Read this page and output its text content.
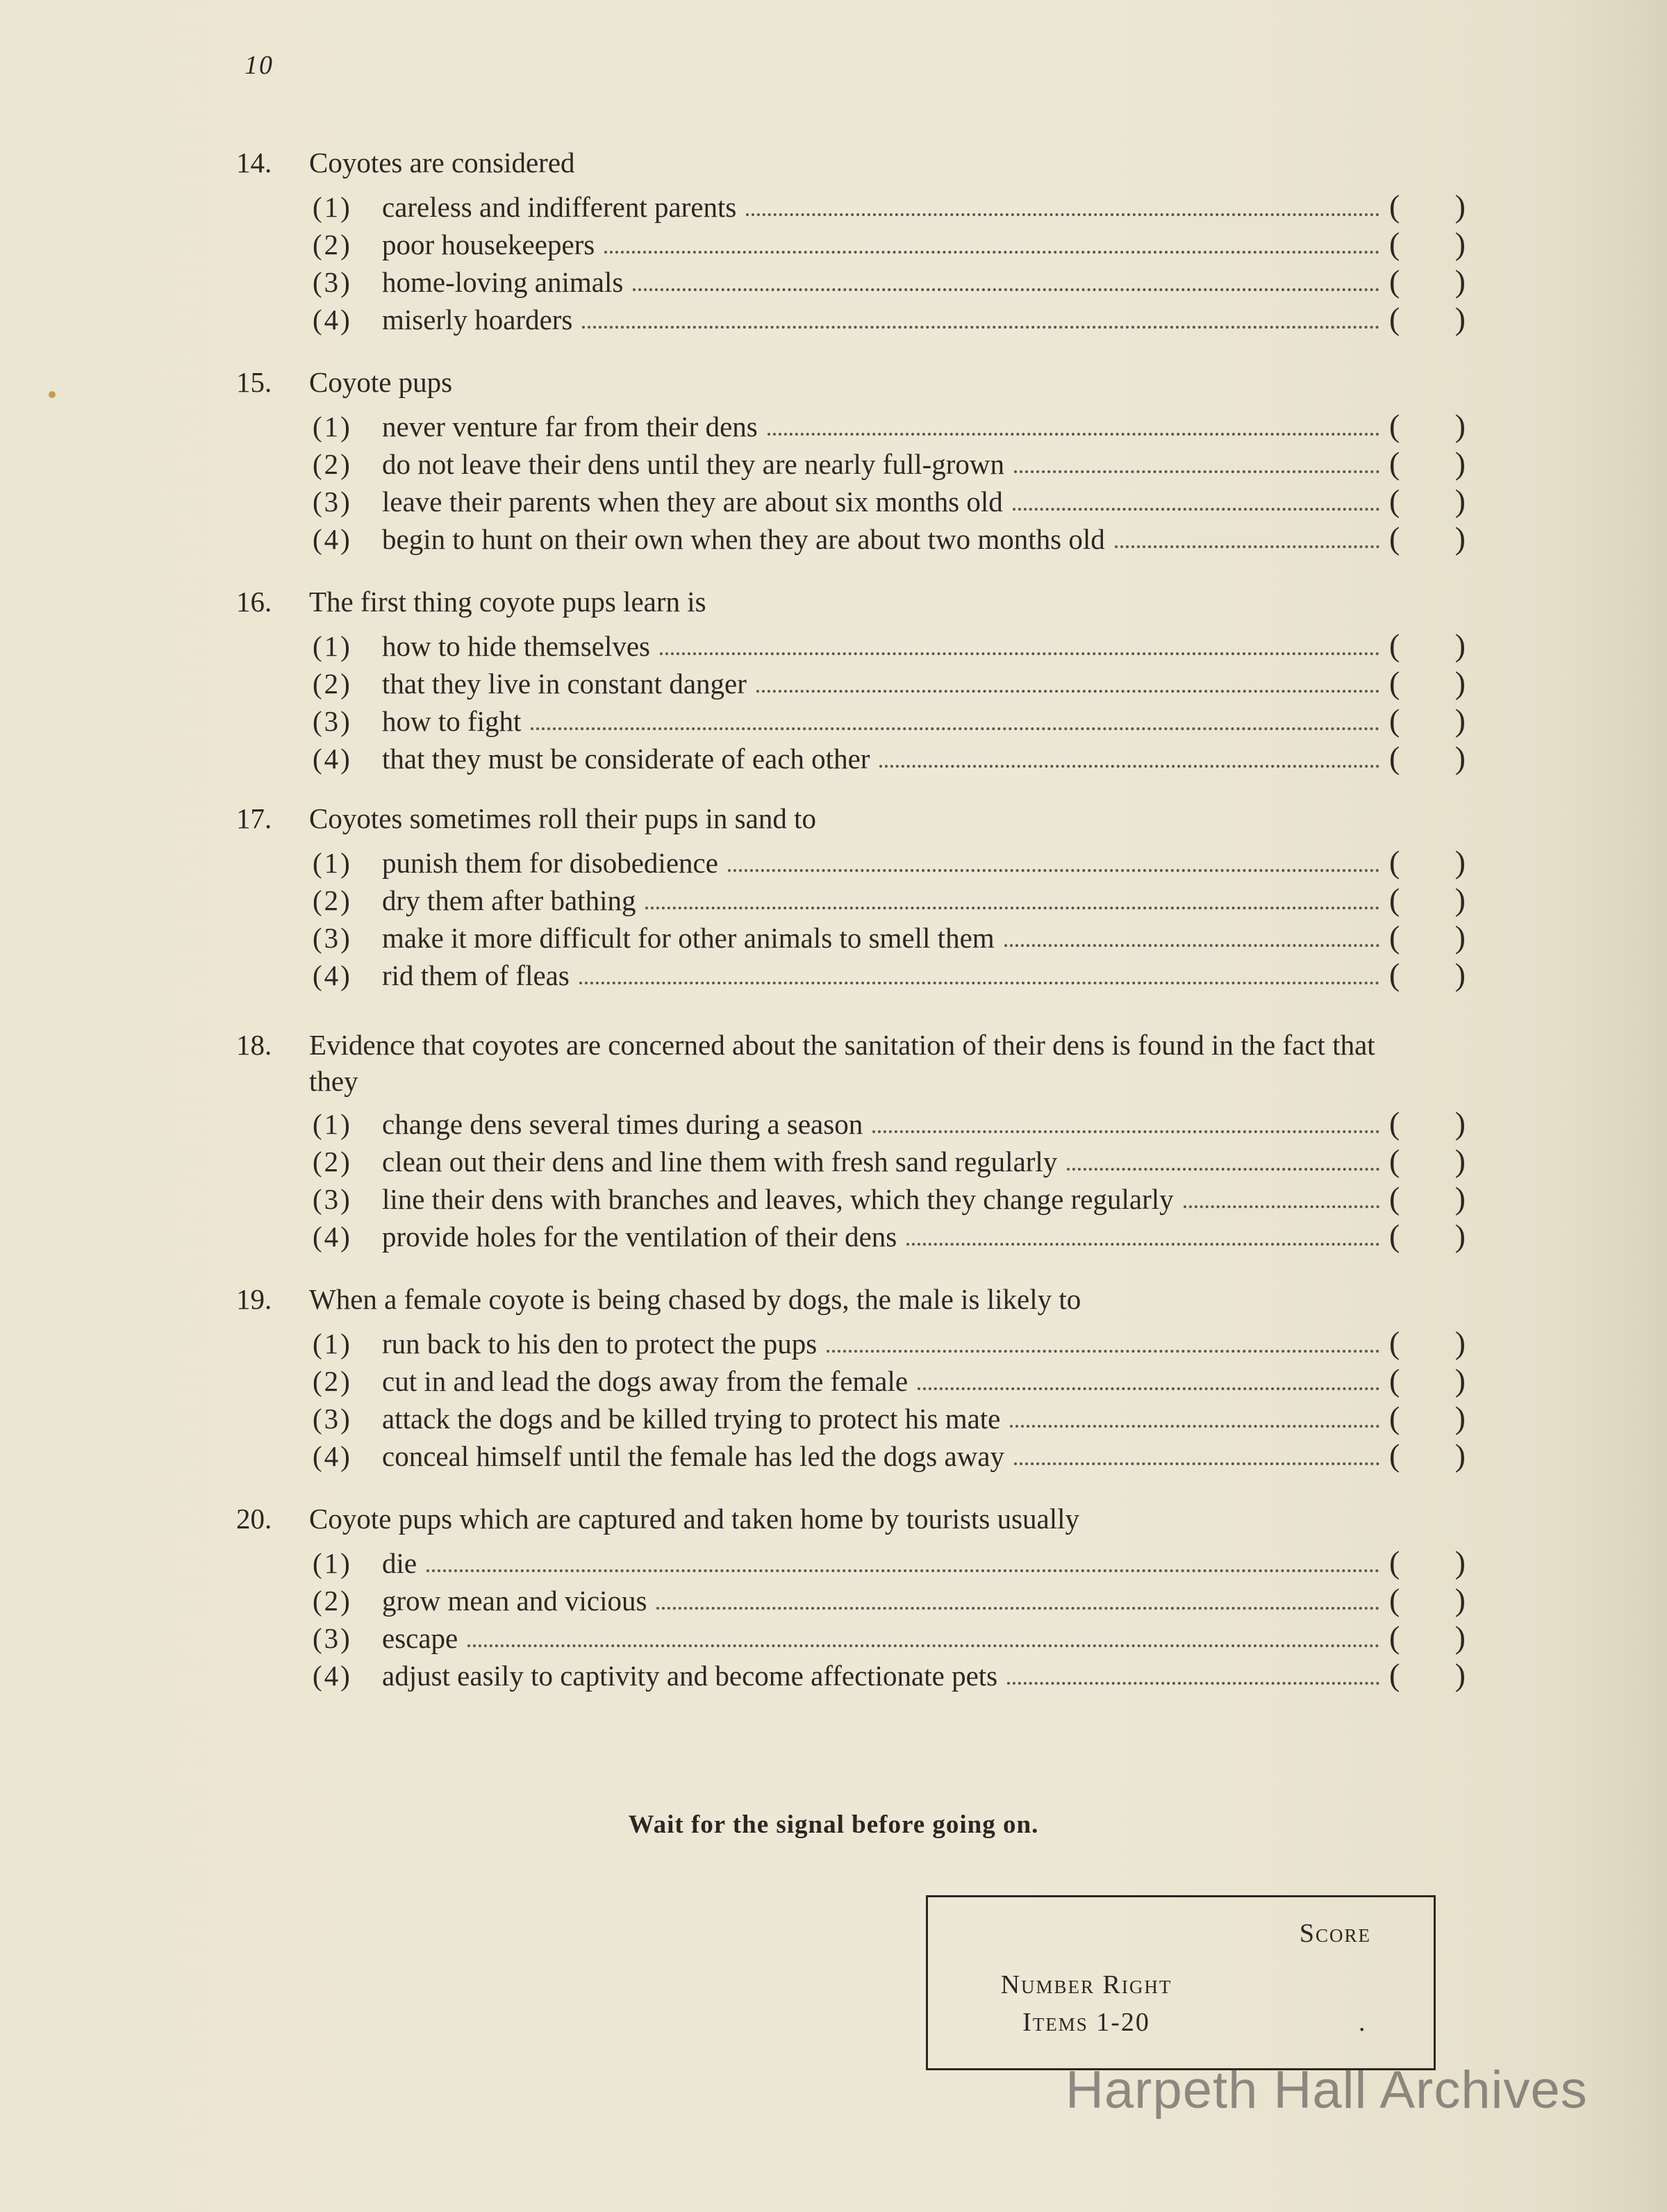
10
14.	Coyotes are considered
(1)	careless and indifferent parents	( )
(2)	poor housekeepers	( )
(3)	home-loving animals	( )
(4)	miserly hoarders	( )
15.	Coyote pups
(1)	never venture far from their dens	( )
(2)	do not leave their dens until they are nearly full-grown	( )
(3)	leave their parents when they are about six months old	( )
(4)	begin to hunt on their own when they are about two months old	( )
16.	The first thing coyote pups learn is
(1)	how to hide themselves	( )
(2)	that they live in constant danger	( )
(3)	how to fight	( )
(4)	that they must be considerate of each other	( )
17.	Coyotes sometimes roll their pups in sand to
(1)	punish them for disobedience	( )
(2)	dry them after bathing	( )
(3)	make it more difficult for other animals to smell them	( )
(4)	rid them of fleas	( )
18.	Evidence that coyotes are concerned about the sanitation of their dens is found in the fact that they
(1)	change dens several times during a season	( )
(2)	clean out their dens and line them with fresh sand regularly	( )
(3)	line their dens with branches and leaves, which they change regularly	( )
(4)	provide holes for the ventilation of their dens	( )
19.	When a female coyote is being chased by dogs, the male is likely to
(1)	run back to his den to protect the pups	( )
(2)	cut in and lead the dogs away from the female	( )
(3)	attack the dogs and be killed trying to protect his mate	( )
(4)	conceal himself until the female has led the dogs away	( )
20.	Coyote pups which are captured and taken home by tourists usually
(1)	die	( )
(2)	grow mean and vicious	( )
(3)	escape	( )
(4)	adjust easily to captivity and become affectionate pets	( )
Wait for the signal before going on.
Score
Number Right
Items 1-20	.
Harpeth Hall Archives
